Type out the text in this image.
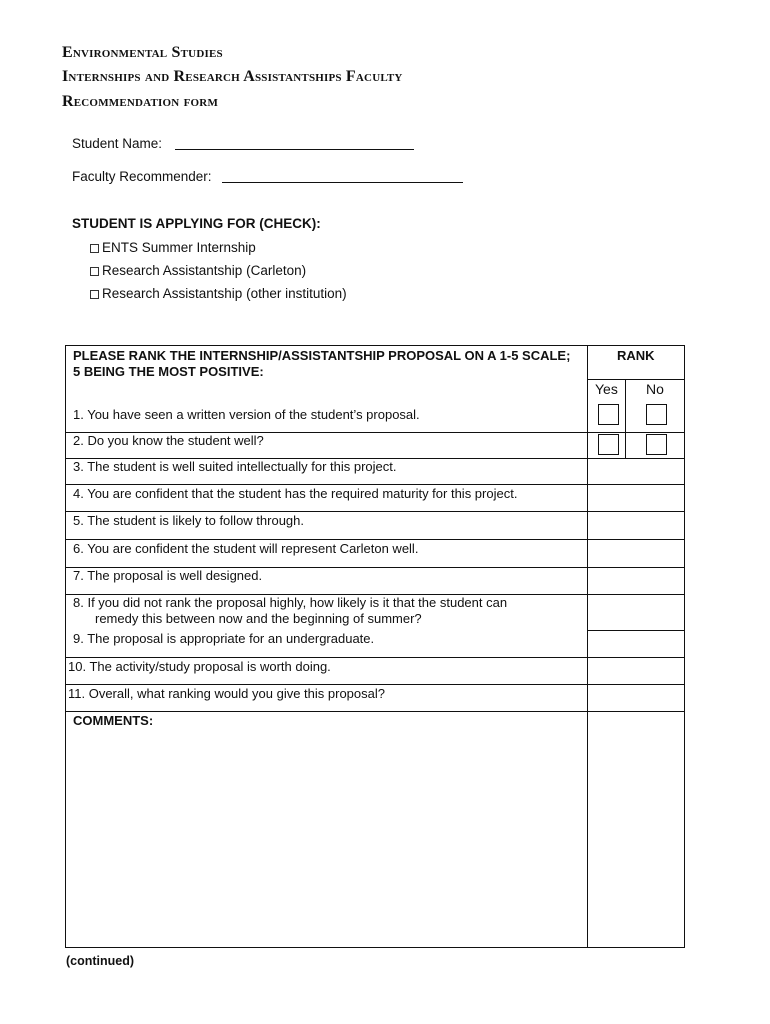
Environmental Studies
Internships and Research Assistantships Faculty
Recommendation form
Student Name:
Faculty Recommender:
STUDENT IS APPLYING FOR (CHECK):
ENTS Summer Internship
Research Assistantship (Carleton)
Research Assistantship (other institution)
PLEASE RANK THE INTERNSHIP/ASSISTANTSHIP PROPOSAL ON A 1-5 SCALE; 5 BEING THE MOST POSITIVE:
RANK
Yes No
1. You have seen a written version of the student’s proposal.
2. Do you know the student well?
3. The student is well suited intellectually for this project.
4. You are confident that the student has the required maturity for this project.
5. The student is likely to follow through.
6. You are confident the student will represent Carleton well.
7. The proposal is well designed.
8. If you did not rank the proposal highly, how likely is it that the student can
remedy this between now and the beginning of summer?
9. The proposal is appropriate for an undergraduate.
10. The activity/study proposal is worth doing.
11. Overall, what ranking would you give this proposal?
COMMENTS:
(continued)
